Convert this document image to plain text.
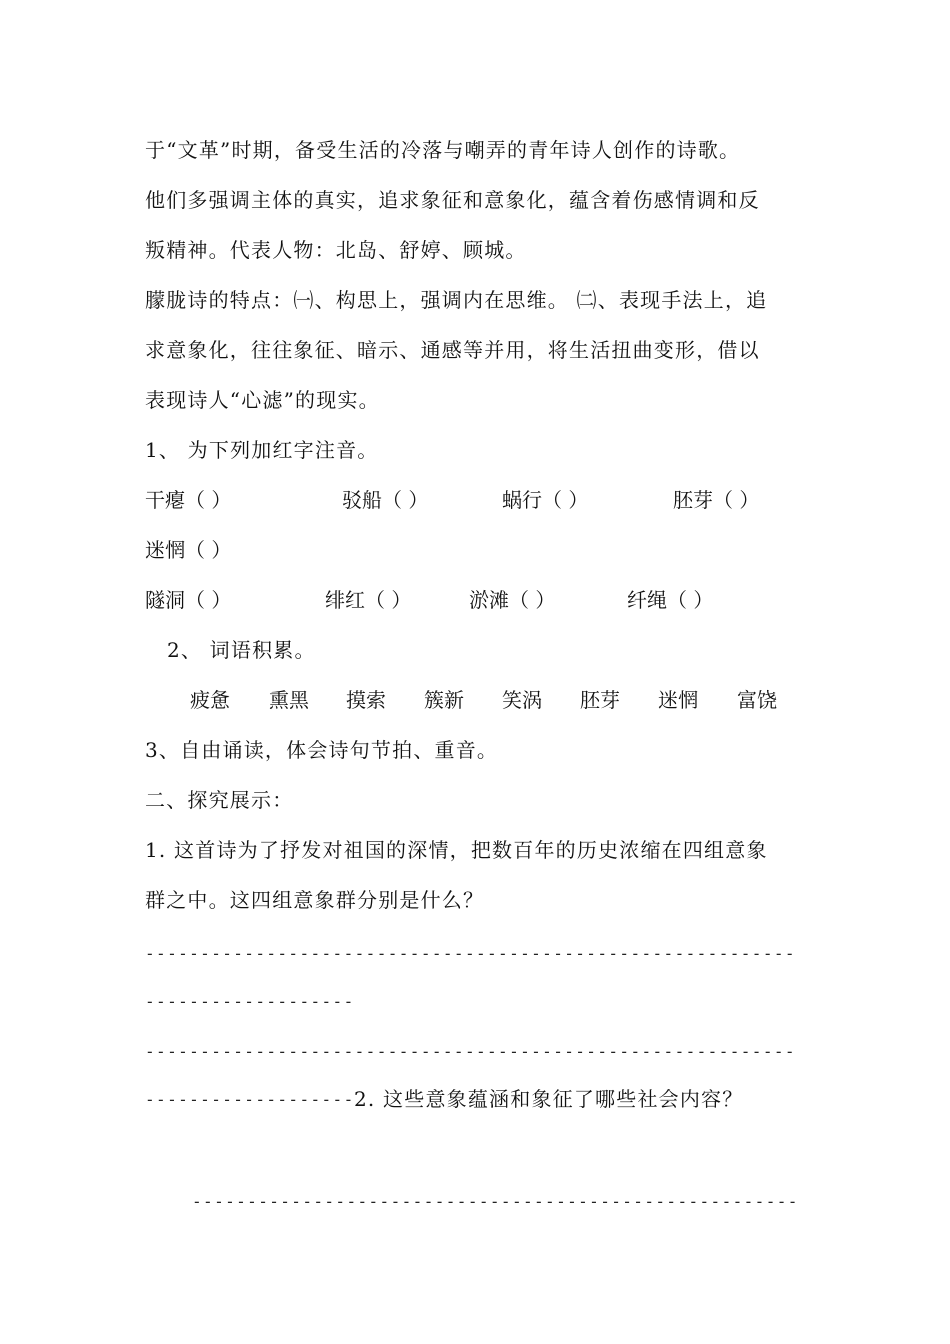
于“文革”时期，备受生活的冷落与嘲弄的青年诗人创作的诗歌。
他们多强调主体的真实，追求象征和意象化，蕴含着伤感情调和反
叛精神。代表人物：北岛、舒婷、顾城。
朦胧诗的特点：㈠、构思上，强调内在思维。 ㈡、表现手法上，追
求意象化，往往象征、暗示、通感等并用，将生活扭曲变形，借以
表现诗人“心滤”的现实。
1、 为下列加红字注音。
干瘪（ ）	驳船（ ）	蜗行（ ）	胚芽（ ）
迷惘（ ）
隧洞（ ）	绯红（ ）	淤滩（ ）	纤绳（ ）
2、 词语积累。
疲惫 熏黑 摸索 簇新 笑涡 胚芽 迷惘 富饶
3、自由诵读，体会诗句节拍、重音。
二、探究展示：
1. 这首诗为了抒发对祖国的深情，把数百年的历史浓缩在四组意象
群之中。这四组意象群分别是什么？
-----------------------------------------------------------
-------------------
-----------------------------------------------------------
------------------- 2. 这些意象蕴涵和象征了哪些社会内容？
-------------------------------------------------------
